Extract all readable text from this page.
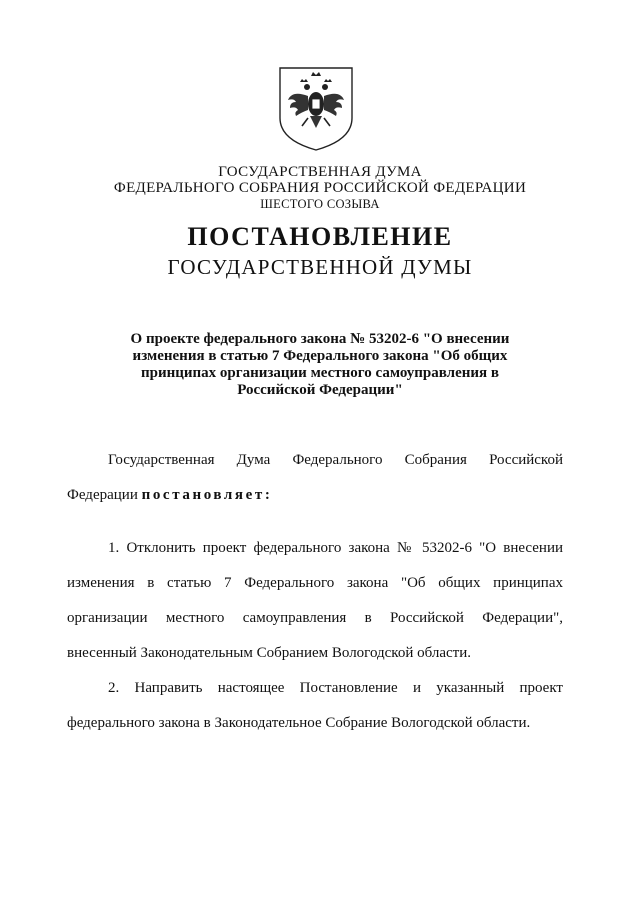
ГОСУДАРСТВЕННАЯ ДУМА
ФЕДЕРАЛЬНОГО СОБРАНИЯ РОССИЙСКОЙ ФЕДЕРАЦИИ
ШЕСТОГО СОЗЫВА
ПОСТАНОВЛЕНИЕ
ГОСУДАРСТВЕННОЙ ДУМЫ
О проекте федерального закона № 53202-6 "О внесении
изменения в статью 7 Федерального закона "Об общих
принципах организации местного самоуправления в
Российской Федерации"
Государственная Дума Федерального Собрания Российской
Федерации постановляет:
1. Отклонить проект федерального закона № 53202-6 "О внесении
изменения в статью 7 Федерального закона "Об общих принципах
организации местного самоуправления в Российской Федерации",
внесенный Законодательным Собранием Вологодской области.
2. Направить настоящее Постановление и указанный проект
федерального закона в Законодательное Собрание Вологодской области.
